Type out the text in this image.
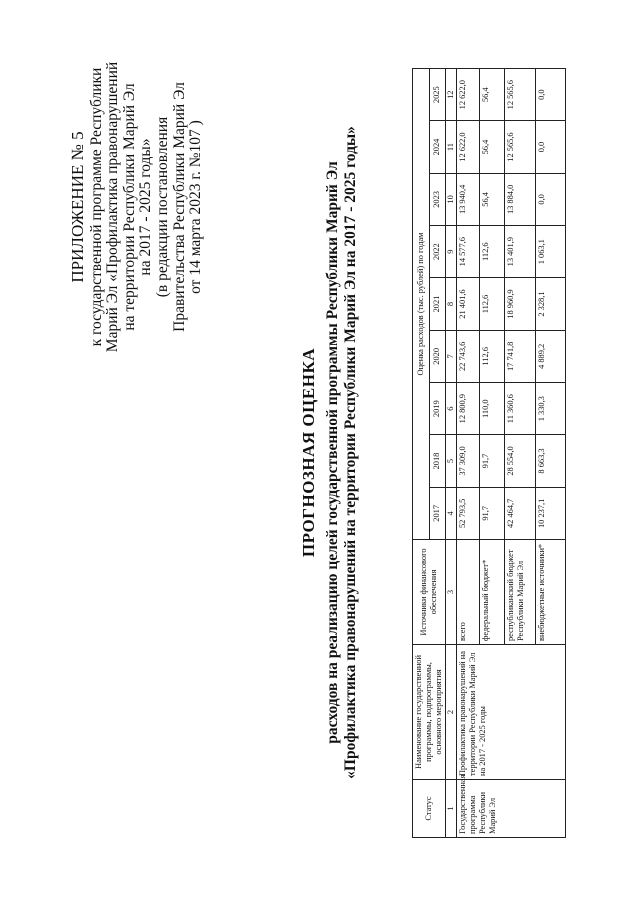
ПРИЛОЖЕНИЕ № 5 к государственной программе Республики Марий Эл «Профилактика правонарушений на территории Республики Марий Эл на 2017 - 2025 годы» (в редакции постановления Правительства Республики Марий Эл от 14 марта 2023 г. №107 )
ПРОГНОЗНАЯ ОЦЕНКА расходов на реализацию целей государственной программы Республики Марий Эл «Профилактика правонарушений на территории Республики Марий Эл на 2017 - 2025 годы»
Статус	Наименование государственной программы, подпрограммы, основного мероприятия	Источники финансового обеспечения	Оценка расходов (тыс. рублей) по годам								
			2017	2018	2019	2020	2021	2022	2023	2024	2025
1	2	3	4	5	6	7	8	9	10	11	12
Государственная программа Республики Марий Эл	Профилактика правонарушений на территории Республики Марий Эл на 2017 - 2025 годы	всего	52 793,5	37 309,0	12 800,9	22 743,6	21 401,6	14 577,6	13 940,4	12 622,0	12 622,0
		федеральный бюджет*	91,7	91,7	110,0	112,6	112,6	112,6	56,4	56,4	56,4
		республиканский бюджет Республики Марий Эл	42 464,7	28 554,0	11 360,6	17 741,8	18 960,9	13 401,9	13 884,0	12 565,6	12 565,6
		внебюджетные источники*	10 237,1	8 663,3	1 330,3	4 889,2	2 328,1	1 063,1	0,0	0,0	0,0
